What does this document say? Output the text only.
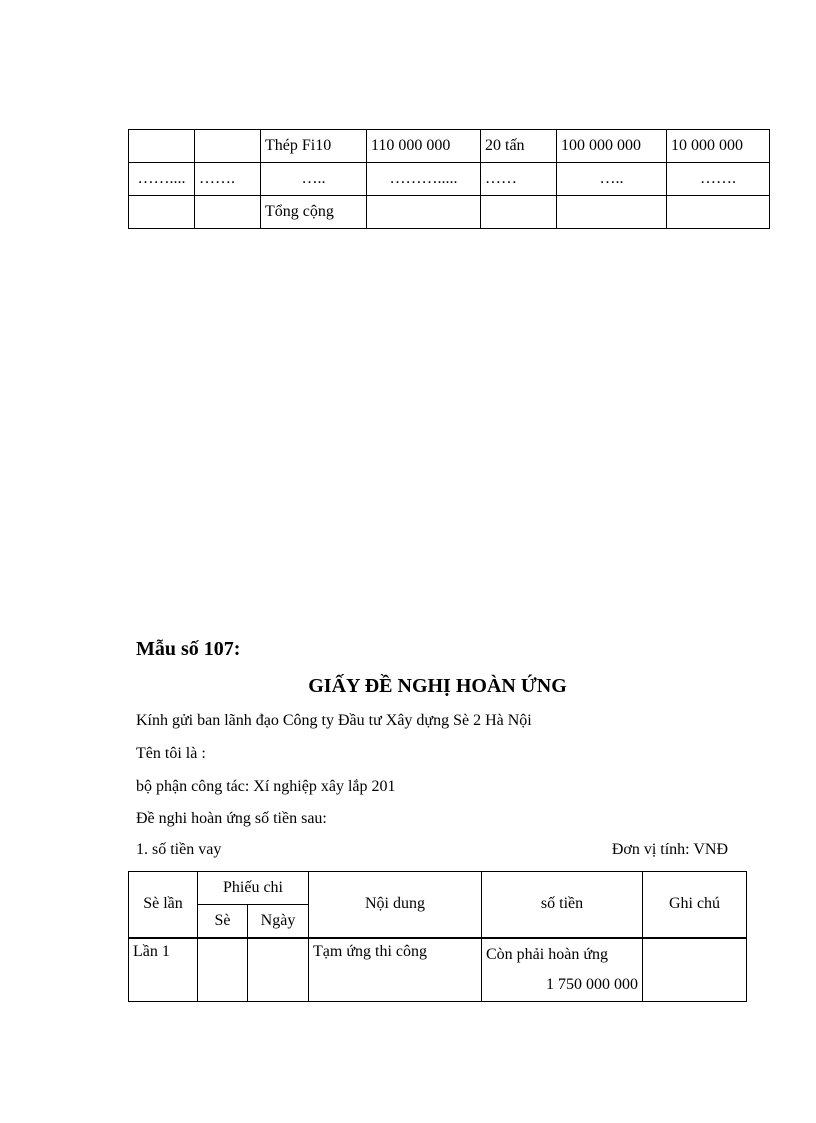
		Thép Fi10	110 000 000	20 tấn	100 000 000	10 000 000
……....	…….	…..	……….....	……	…..	…….
		Tổng cộng				
Mẫu số 107:
GIẤY ĐỀ NGHỊ HOÀN ỨNG
Kính gửi ban lãnh đạo Công ty Đầu tư Xây dựng Sè 2 Hà Nội
Tên tôi là :
bộ phận công tác: Xí nghiệp xây lắp 201
Đề nghi hoàn ứng số tiền sau:
1. số tiền vay	Đơn vị tính: VNĐ
Sè lần	Phiếu chi		Nội dung	số tiền	Ghi chú
	Sè	Ngày			
Lần 1			Tạm ứng thi công	Còn phải hoàn ứng
1 750 000 000	
